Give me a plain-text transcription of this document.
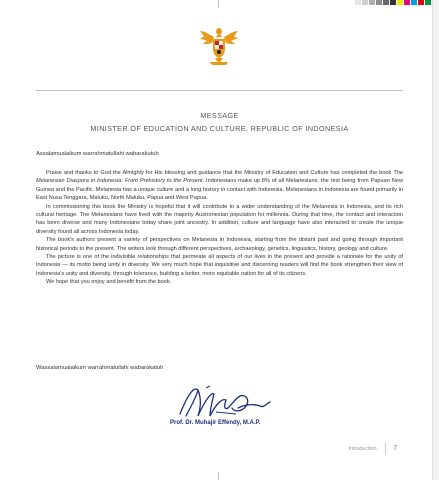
MESSAGE
MINISTER OF EDUCATION AND CULTURE, REPUBLIC OF INDONESIA
Assalamualaikum warrahmatullahi wabarakutuh

Praise and thanks to God the Almighty for His blessing and guidance that the Ministry of Education and Culture has completed the book The Melanesian Diaspora in Indonesia: From Prehistory to the Present. Indonesians make up 8% of all Melanesians, the rest being from Papuan New Guinea and the Pacific. Melanesia has a unique culture and a long history in contact with Indonesia. Melanesians in Indonesia are found primarily in East Nusa Tenggara, Maluku, North Maluku, Papua and West Papua.

In commissioning this book the Ministry is hopeful that it will contribute to a wider understanding of the Melanesia in Indonesia, and its rich cultural heritage. The Melanesians have lived with the majority Austronesian population for millennia. During that time, the contact and interaction has been diverse and many Indonesians today share joint ancestry. In addition, culture and language have also interacted to create the unique diversity found all across Indonesia today.

The book's authors present a variety of perspectives on Melanesia in Indonesia, starting from the distant past and going through important historical periods to the present. The writers look through different perspectives, archaeology, genetics, linguistics, history, geology and culture.

The picture is one of the indivisible relationships that permeate all aspects of our lives in the present and provide a rationale for the unity of Indonesia — its motto being unity in diversity. We very much hope that inquisitive and discerning readers will find the book strengthen their view of Indonesia's unity and diversity, through tolerance, building a better, more equitable nation for all of its citizens.

We hope that you enjoy and benefit from the book.

Wassalamualaikum warrahmatullahi wabarakatuh
Prof. Dr. Muhajir Effendy, M.A.P.
Introduction	7
